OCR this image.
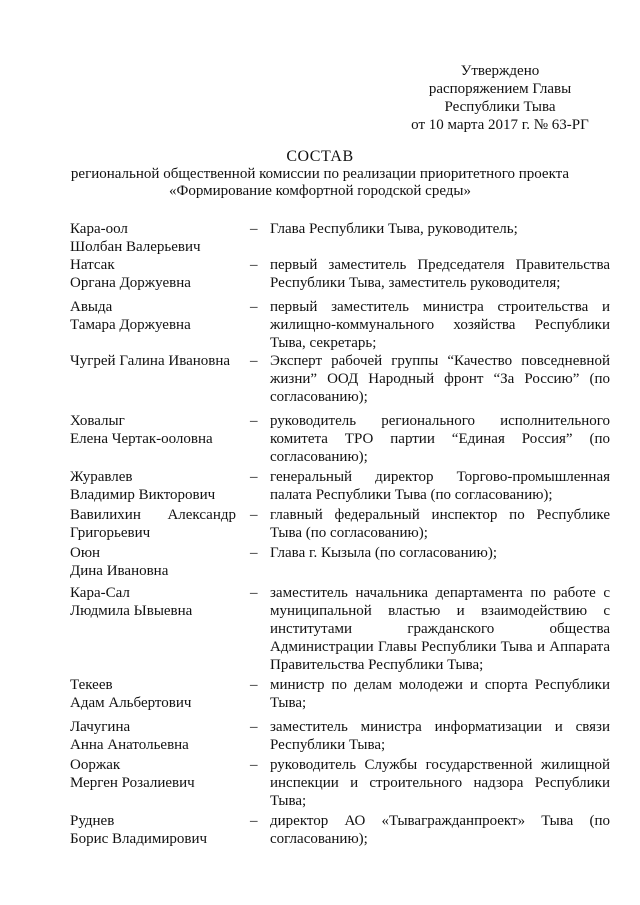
Утверждено
распоряжением Главы
Республики Тыва
от 10 марта 2017 г. № 63-РГ
СОСТАВ
региональной общественной комиссии по реализации приоритетного проекта
«Формирование комфортной городской среды»
Кара-оол
Шолбан Валерьевич
– Глава Республики Тыва, руководитель;
Натсак
Органа Доржуевна
– первый заместитель Председателя Правительства Республики Тыва, заместитель руководителя;
Авыда
Тамара Доржуевна
– первый заместитель министра строительства и жилищно-коммунального хозяйства Республики Тыва, секретарь;
Чугрей Галина Ивановна	– Эксперт рабочей группы “Качество повседневной жизни” ООД Народный фронт “За Россию” (по согласованию);
Ховалыг
Елена Чертак-ооловна
– руководитель регионального исполнительного комитета ТРО партии “Единая Россия” (по согласованию);
Журавлев
Владимир Викторович
– генеральный директор Торгово-промышленная палата Республики Тыва (по согласованию);
Вавилихин Александр
Григорьевич
– главный федеральный инспектор по Республике Тыва (по согласованию);
Оюн
Дина Ивановна
– Глава г. Кызыла (по согласованию);
Кара-Сал
Людмила Ывыевна
– заместитель начальника департамента по работе с муниципальной властью и взаимодействию с институтами гражданского общества Администрации Главы Республики Тыва и Аппарата Правительства Республики Тыва;
Текеев
Адам Альбертович
– министр по делам молодежи и спорта Республики Тыва;
Лачугина
Анна Анатольевна
– заместитель министра информатизации и связи Республики Тыва;
Ооржак
Мерген Розалиевич
– руководитель Службы государственной жилищной инспекции и строительного надзора Республики Тыва;
Руднев
Борис Владимирович
– директор АО «Тывагражданпроект» Тыва (по согласованию);
